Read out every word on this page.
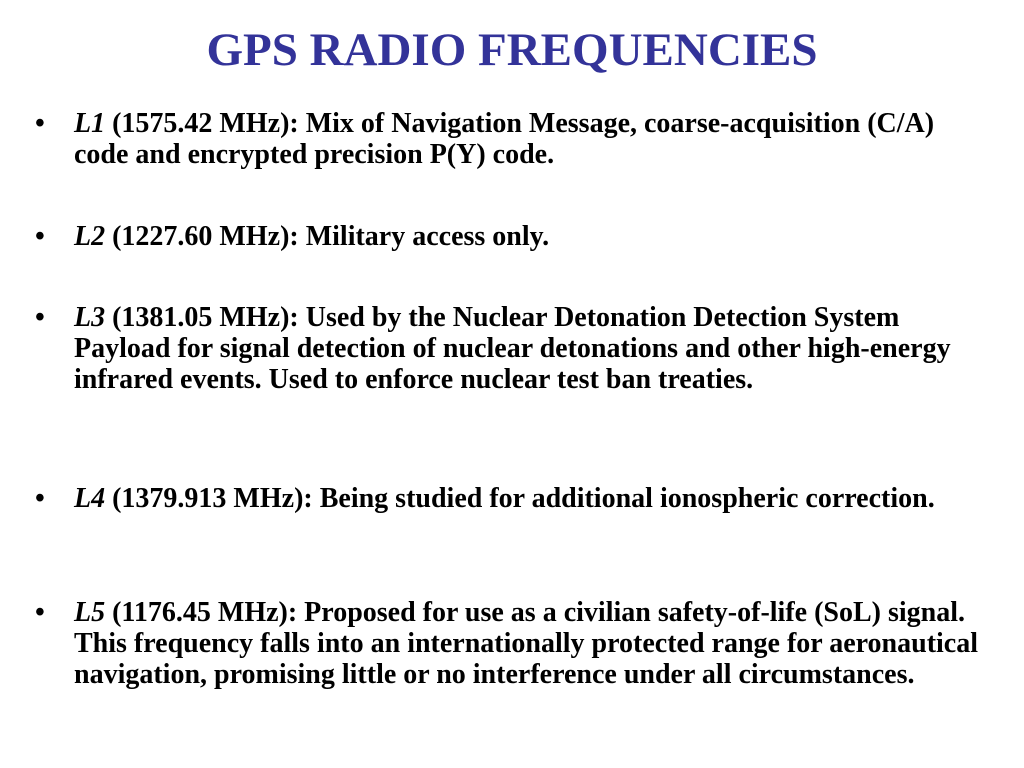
GPS RADIO FREQUENCIES
•	L1 (1575.42 MHz): Mix of Navigation Message, coarse-acquisition (C/A) code and encrypted precision P(Y) code.
•	L2 (1227.60 MHz): Military access only.
•	L3 (1381.05 MHz): Used by the Nuclear Detonation Detection System Payload for signal detection of nuclear detonations and other high-energy infrared events. Used to enforce nuclear test ban treaties.
•	L4 (1379.913 MHz): Being studied for additional ionospheric correction.
•	L5 (1176.45 MHz): Proposed for use as a civilian safety-of-life (SoL) signal. This frequency falls into an internationally protected range for aeronautical navigation, promising little or no interference under all circumstances.
